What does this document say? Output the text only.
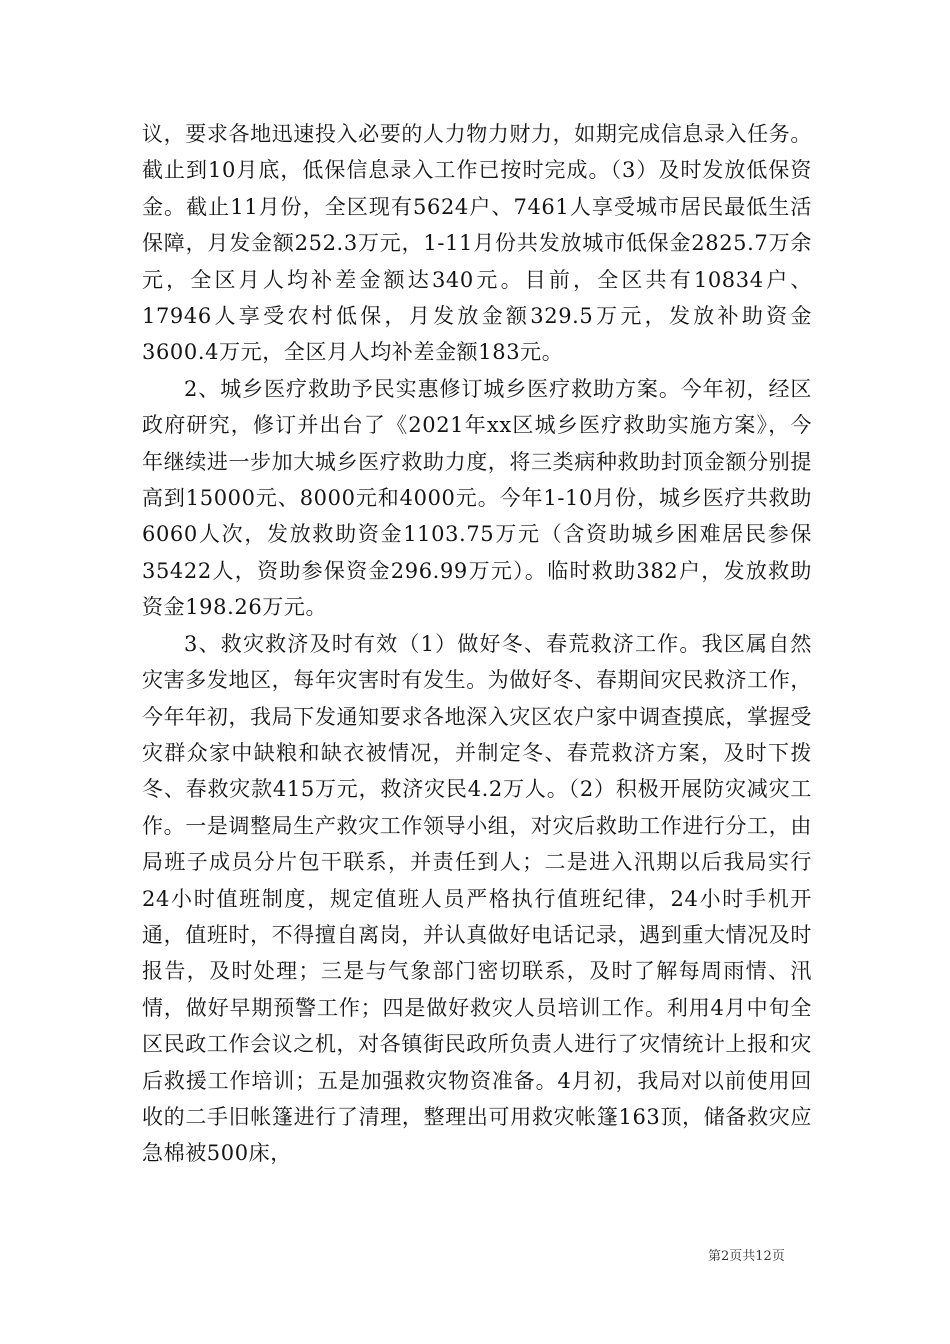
议，要求各地迅速投入必要的人力物力财力，如期完成信息录入任务。截止到10月底，低保信息录入工作已按时完成。（3）及时发放低保资金。截止11月份，全区现有5624户、7461人享受城市居民最低生活保障，月发金额252.3万元，1-11月份共发放城市低保金2825.7万余元，全区月人均补差金额达340元。目前，全区共有10834户、17946人享受农村低保，月发放金额329.5万元，发放补助资金3600.4万元，全区月人均补差金额183元。

2、城乡医疗救助予民实惠修订城乡医疗救助方案。今年初，经区政府研究，修订并出台了《2021年xx区城乡医疗救助实施方案》，今年继续进一步加大城乡医疗救助力度，将三类病种救助封顶金额分别提高到15000元、8000元和4000元。今年1-10月份，城乡医疗共救助6060人次，发放救助资金1103.75万元（含资助城乡困难居民参保35422人，资助参保资金296.99万元）。临时救助382户，发放救助资金198.26万元。

3、救灾救济及时有效（1）做好冬、春荒救济工作。我区属自然灾害多发地区，每年灾害时有发生。为做好冬、春期间灾民救济工作，今年年初，我局下发通知要求各地深入灾区农户家中调查摸底，掌握受灾群众家中缺粮和缺衣被情况，并制定冬、春荒救济方案，及时下拨冬、春救灾款415万元，救济灾民4.2万人。（2）积极开展防灾减灾工作。一是调整局生产救灾工作领导小组，对灾后救助工作进行分工，由局班子成员分片包干联系，并责任到人；二是进入汛期以后我局实行24小时值班制度，规定值班人员严格执行值班纪律，24小时手机开通，值班时，不得擅自离岗，并认真做好电话记录，遇到重大情况及时报告，及时处理；三是与气象部门密切联系，及时了解每周雨情、汛情，做好早期预警工作；四是做好救灾人员培训工作。利用4月中旬全区民政工作会议之机，对各镇街民政所负责人进行了灾情统计上报和灾后救援工作培训；五是加强救灾物资准备。4月初，我局对以前使用回收的二手旧帐篷进行了清理，整理出可用救灾帐篷163顶，储备救灾应急棉被500床，

第2页共12页
